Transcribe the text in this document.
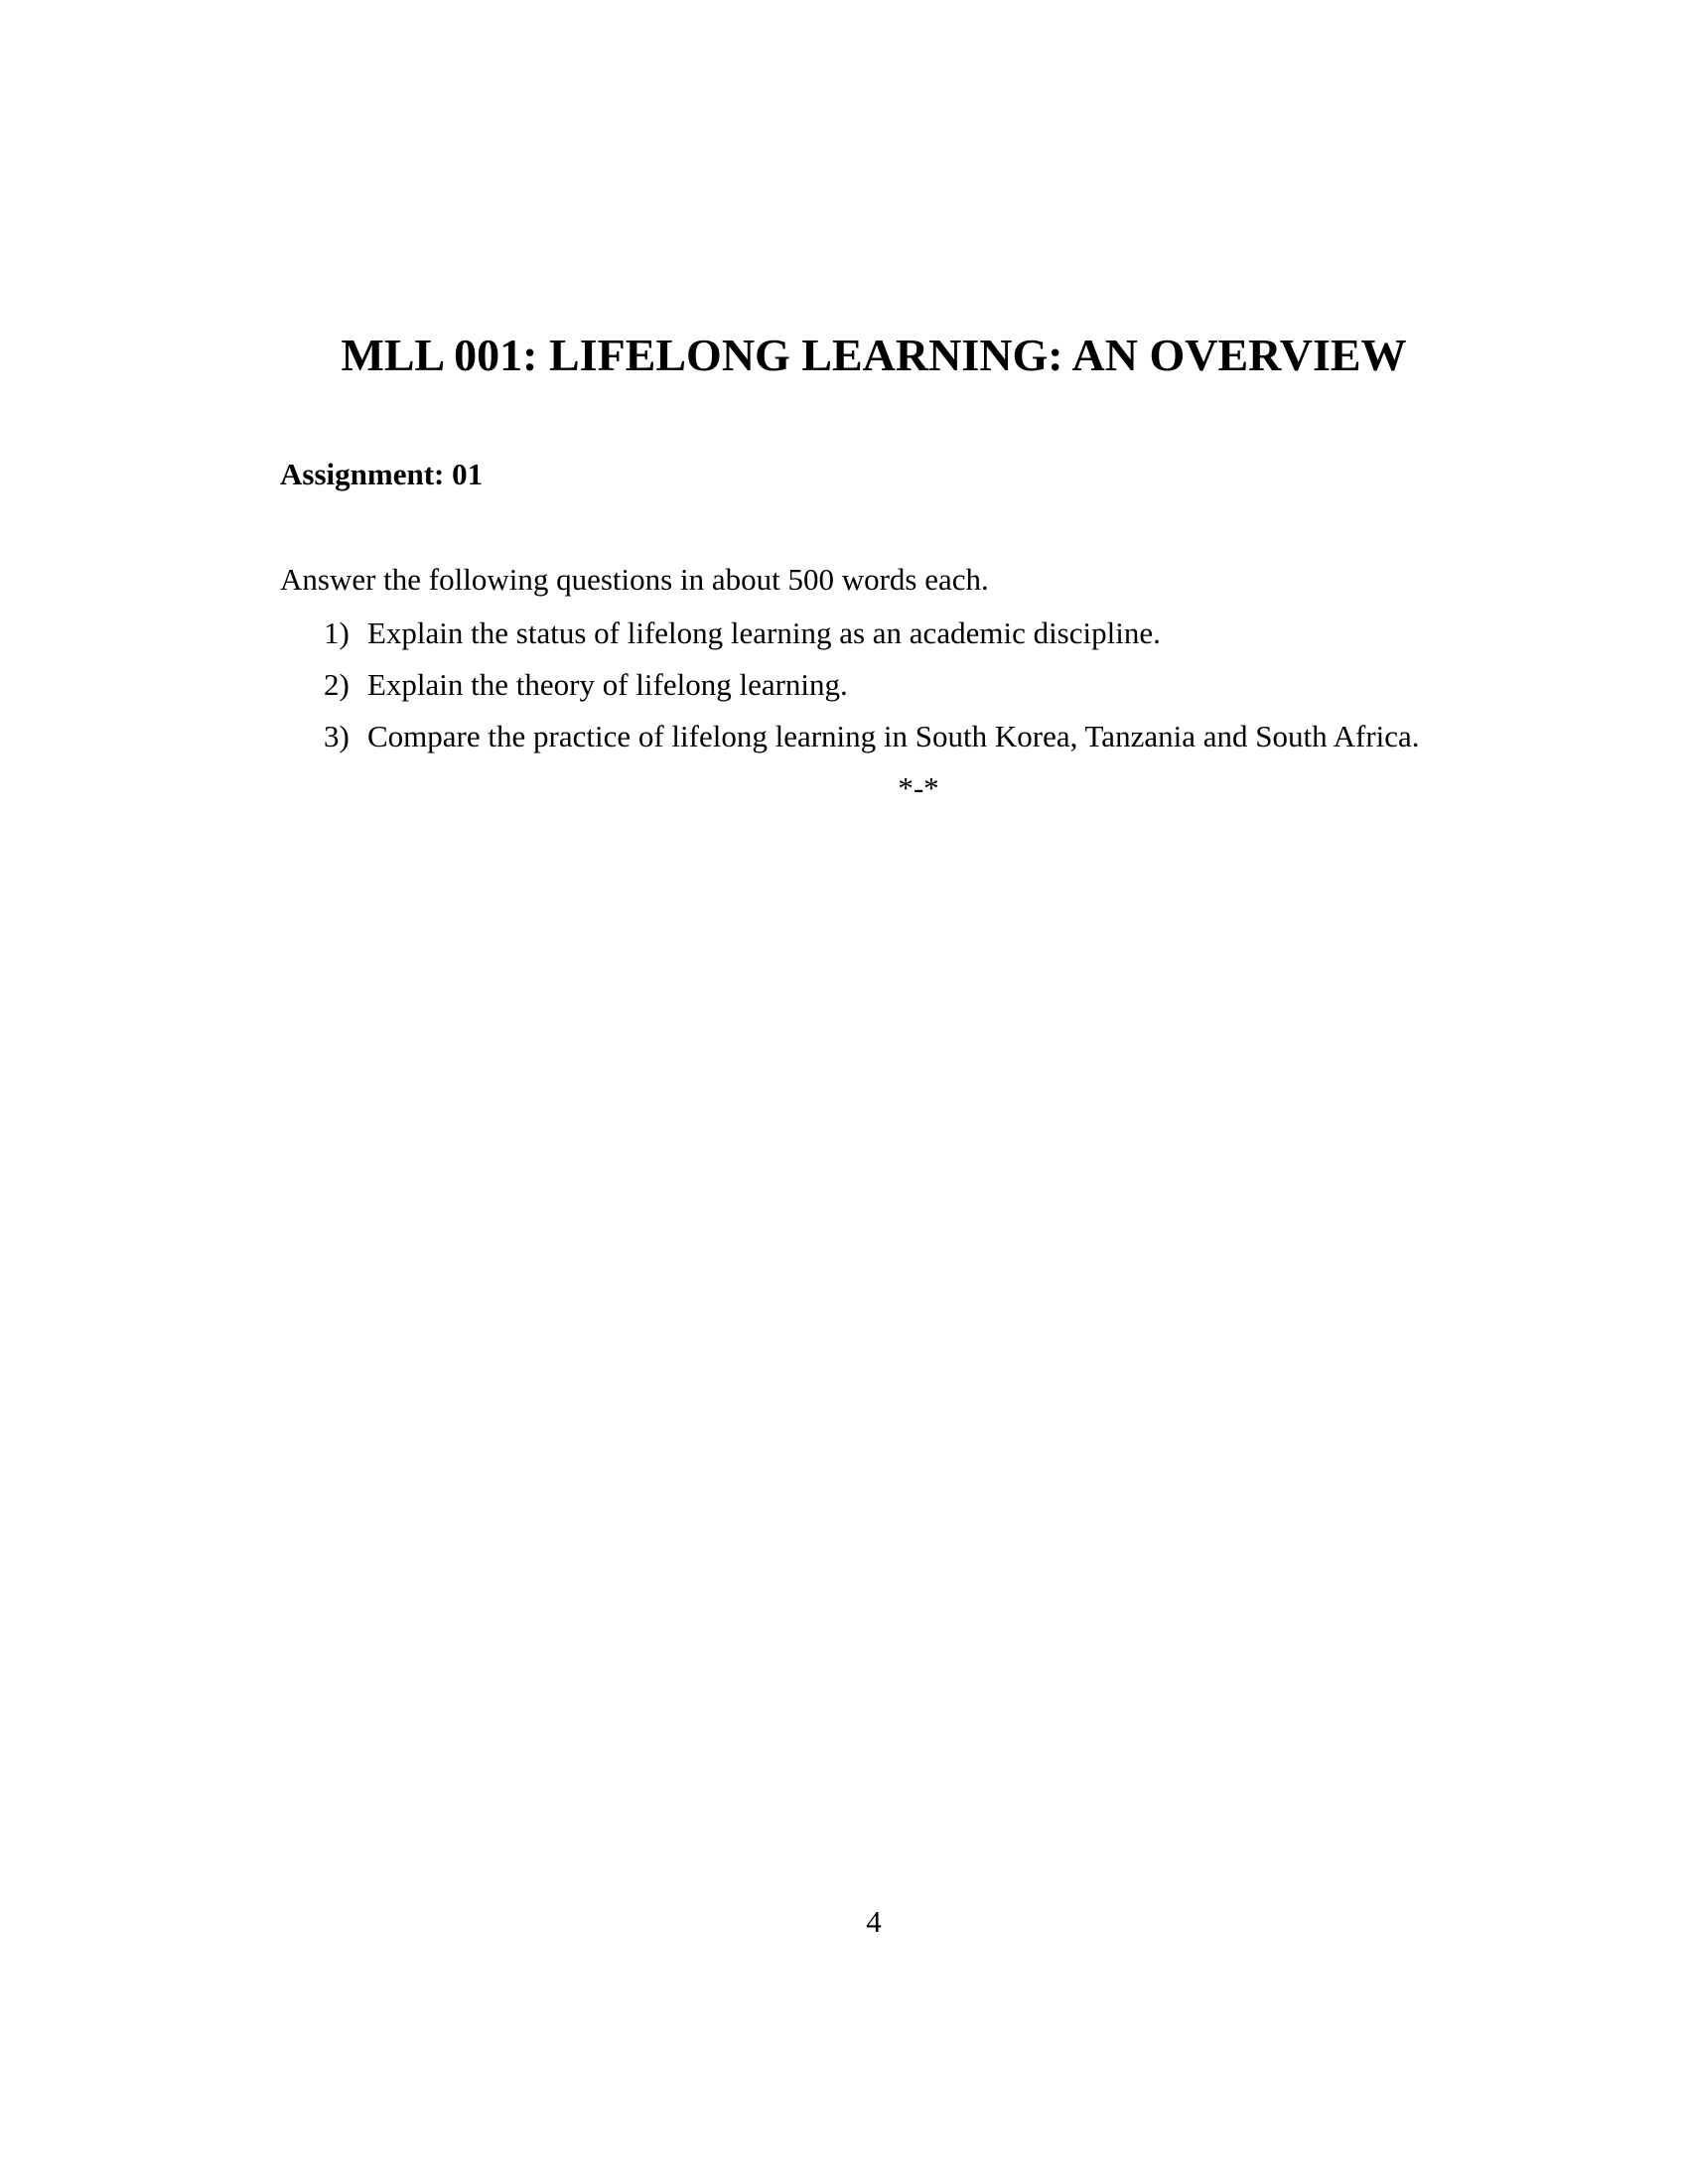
MLL 001: LIFELONG LEARNING: AN OVERVIEW
*-*
4
Assignment: 01
Answer the following questions in about 500 words each.
1) Explain the status of lifelong learning as an academic discipline.
2) Explain the theory of lifelong learning.
3) Compare the practice of lifelong learning in South Korea, Tanzania and South Africa.
